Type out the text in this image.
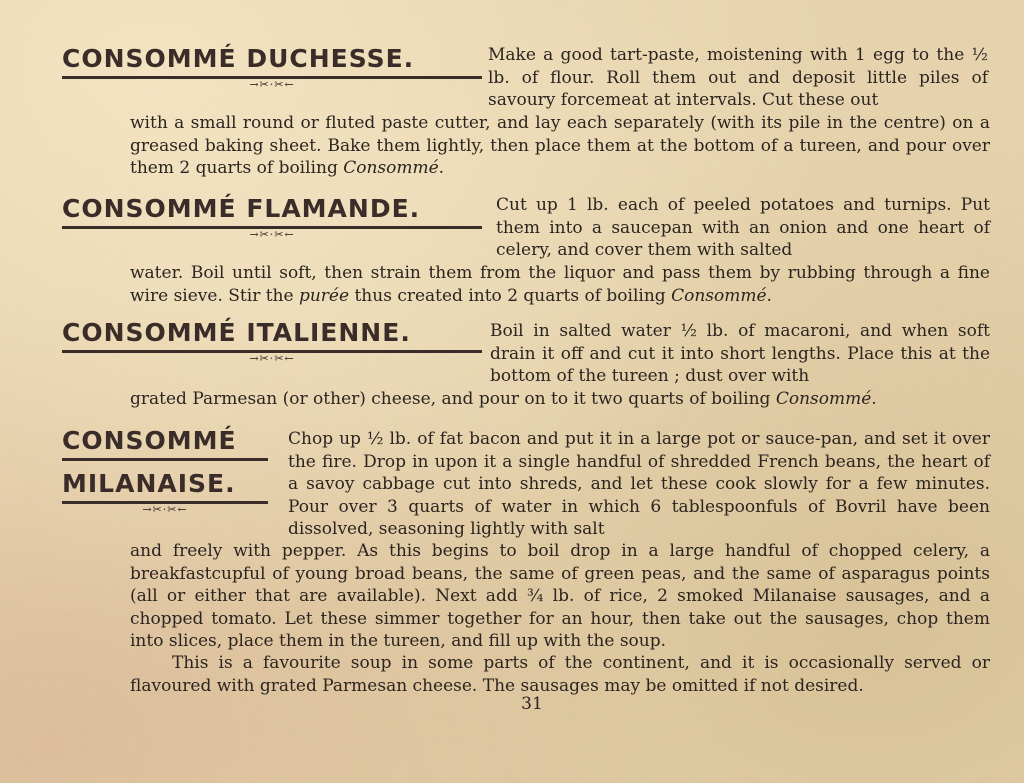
CONSOMMÉ DUCHESSE.
→✂·✂←

Make a good tart-paste, moistening with 1 egg to the ½ lb. of flour. Roll them out and deposit little piles of savoury forcemeat at intervals. Cut these out

with a small round or fluted paste cutter, and lay each separately (with its pile in the centre) on a greased baking sheet. Bake them lightly, then place them at the bottom of a tureen, and pour over them 2 quarts of boiling Consommé.

CONSOMMÉ FLAMANDE.
→✂·✂←

Cut up 1 lb. each of peeled potatoes and turnips. Put them into a saucepan with an onion and one heart of celery, and cover them with salted

water. Boil until soft, then strain them from the liquor and pass them by rubbing through a fine wire sieve. Stir the purée thus created into 2 quarts of boiling Consommé.

CONSOMMÉ ITALIENNE.
→✂·✂←

Boil in salted water ½ lb. of macaroni, and when soft drain it off and cut it into short lengths. Place this at the bottom of the tureen ; dust over with

grated Parmesan (or other) cheese, and pour on to it two quarts of boiling Consommé.

CONSOMMÉ
MILANAISE.
→✂·✂←

Chop up ½ lb. of fat bacon and put it in a large pot or sauce-pan, and set it over the fire. Drop in upon it a single handful of shredded French beans, the heart of a savoy cabbage cut into shreds, and let these cook slowly for a few minutes. Pour over 3 quarts of water in which 6 tablespoonfuls of Bovril have been dissolved, seasoning lightly with salt

and freely with pepper. As this begins to boil drop in a large handful of chopped celery, a breakfastcupful of young broad beans, the same of green peas, and the same of asparagus points (all or either that are available). Next add ¾ lb. of rice, 2 smoked Milanaise sausages, and a chopped tomato. Let these simmer together for an hour, then take out the sausages, chop them into slices, place them in the tureen, and fill up with the soup.

This is a favourite soup in some parts of the continent, and it is occasionally served or flavoured with grated Parmesan cheese. The sausages may be omitted if not desired.

31
